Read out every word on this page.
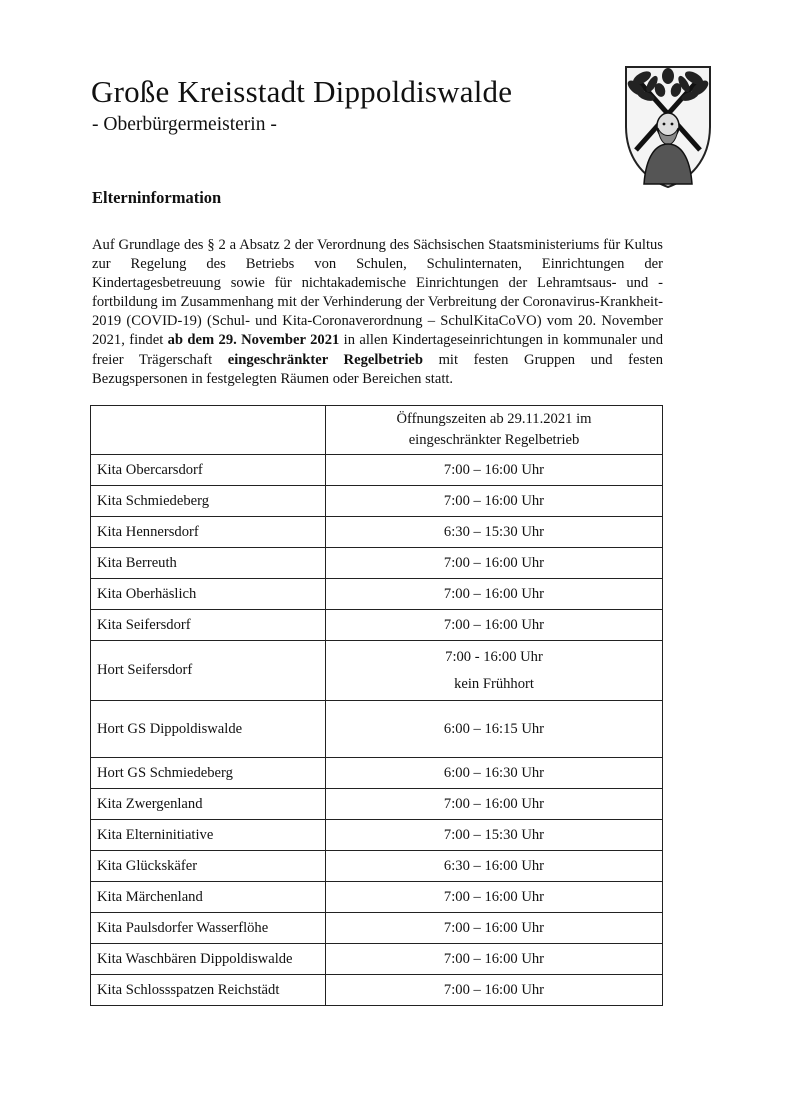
Große Kreisstadt Dippoldiswalde
- Oberbürgermeisterin -
Elterninformation

Auf Grundlage des § 2 a Absatz 2 der Verordnung des Sächsischen Staatsministeriums für Kultus zur Regelung des Betriebs von Schulen, Schulinternaten, Einrichtungen der Kindertagesbetreuung sowie für nichtakademische Einrichtungen der Lehramtsaus- und -fortbildung im Zusammenhang mit der Verhinderung der Verbreitung der Coronavirus-Krankheit-2019 (COVID-19) (Schul- und Kita-Coronaverordnung – SchulKitaCoVO) vom 20. November 2021, findet ab dem 29. November 2021 in allen Kindertageseinrichtungen in kommunaler und freier Trägerschaft eingeschränkter Regelbetrieb mit festen Gruppen und festen Bezugspersonen in festgelegten Räumen oder Bereichen statt.

	Öffnungszeiten ab 29.11.2021 im
eingeschränkter Regelbetrieb
Kita Obercarsdorf	7:00 – 16:00 Uhr
Kita Schmiedeberg	7:00 – 16:00 Uhr
Kita Hennersdorf	6:30 – 15:30 Uhr
Kita Berreuth	7:00 – 16:00 Uhr
Kita Oberhäslich	7:00 – 16:00 Uhr
Kita Seifersdorf	7:00 – 16:00 Uhr
Hort Seifersdorf	7:00 - 16:00 Uhr
kein Frühhort

Hort GS Dippoldiswalde	6:00 – 16:15 Uhr
Hort GS Schmiedeberg	6:00 – 16:30 Uhr
Kita Zwergenland	7:00 – 16:00 Uhr
Kita Elterninitiative	7:00 – 15:30 Uhr
Kita Glückskäfer	6:30 – 16:00 Uhr
Kita Märchenland	7:00 – 16:00 Uhr
Kita Paulsdorfer Wasserflöhe	7:00 – 16:00 Uhr
Kita Waschbären Dippoldiswalde	7:00 – 16:00 Uhr
Kita Schlossspatzen Reichstädt	7:00 – 16:00 Uhr
